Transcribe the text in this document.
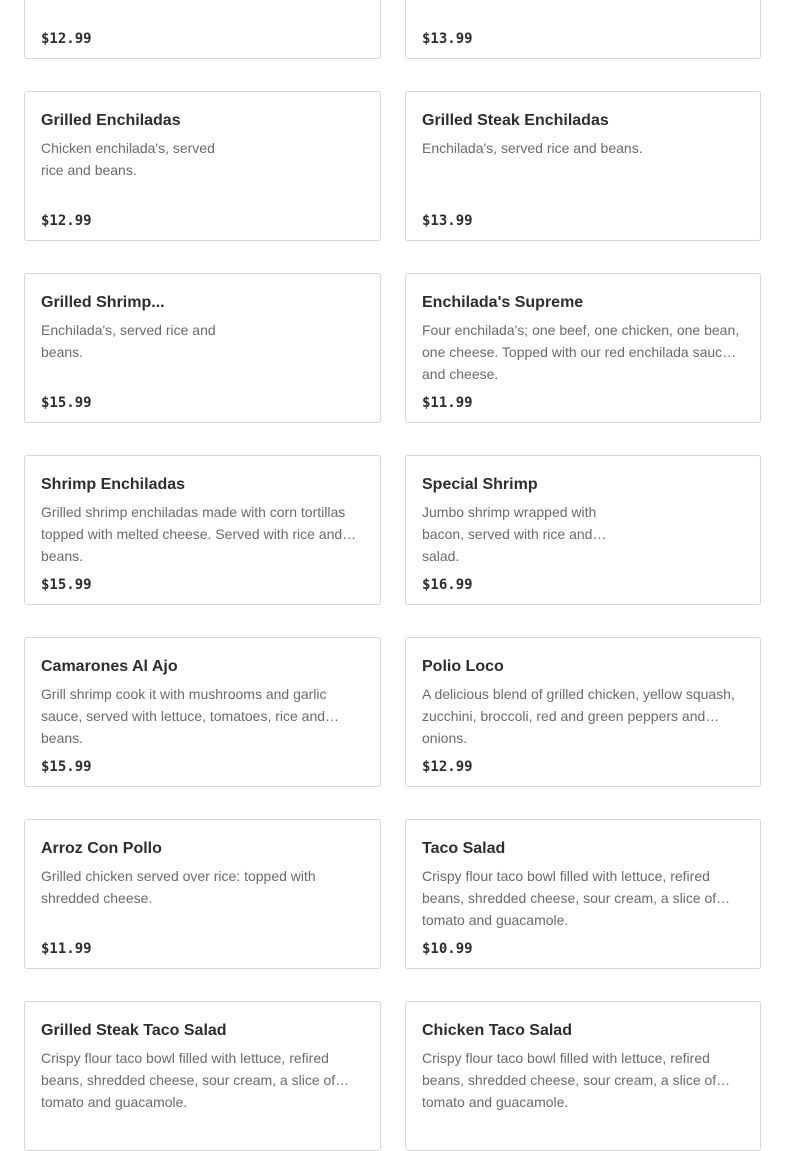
$12.99	$13.99
Grilled Enchiladas
Chicken enchilada's, served rice and beans.
$12.99
Grilled Steak Enchiladas
Enchilada's, served rice and beans.
$13.99
Grilled Shrimp...
Enchilada's, served rice and beans.
$15.99
Enchilada's Supreme
Four enchilada's; one beef, one chicken, one bean, one cheese. Topped with our red enchilada sauce and cheese.
$11.99
Shrimp Enchiladas
Grilled shrimp enchiladas made with corn tortillas topped with melted cheese. Served with rice and beans.
$15.99
Special Shrimp
Jumbo shrimp wrapped with bacon, served with rice and salad.
$16.99
Camarones Al Ajo
Grill shrimp cook it with mushrooms and garlic sauce, served with lettuce, tomatoes, rice and beans.
$15.99
Polio Loco
A delicious blend of grilled chicken, yellow squash, zucchini, broccoli, red and green peppers and onions.
$12.99
Arroz Con Pollo
Grilled chicken served over rice: topped with shredded cheese.
$11.99
Taco Salad
Crispy flour taco bowl filled with lettuce, refired beans, shredded cheese, sour cream, a slice of tomato and guacamole.
$10.99
Grilled Steak Taco Salad
Crispy flour taco bowl filled with lettuce, refired beans, shredded cheese, sour cream, a slice of tomato and guacamole.
Chicken Taco Salad
Crispy flour taco bowl filled with lettuce, refired beans, shredded cheese, sour cream, a slice of tomato and guacamole.
